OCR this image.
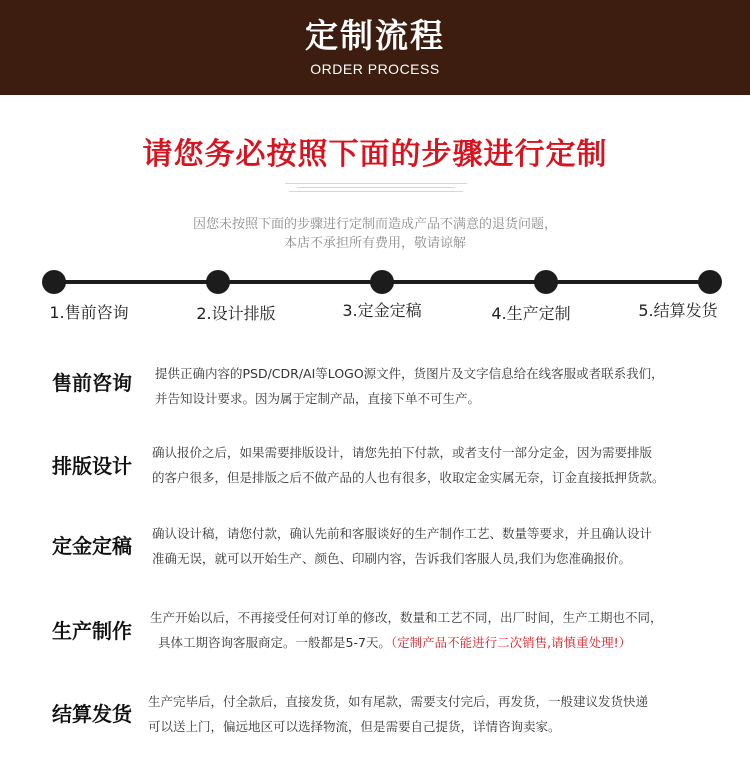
定制流程
ORDER PROCESS
请您务必按照下面的步骤进行定制

因您未按照下面的步骤进行定制而造成产品不满意的退货问题，

本店不承担所有费用，敬请谅解

1.售前咨询	2.设计排版	3.定金定稿	4.生产定制	5.结算发货
售前咨询	提供正确内容的PSD/CDR/AI等LOGO源文件，货图片及文字信息给在线客服或者联系我们，

并告知设计要求。因为属于定制产品，直接下单不可生产。

排版设计

确认报价之后，如果需要排版设计，请您先拍下付款，或者支付一部分定金，因为需要排版

的客户很多，但是排版之后不做产品的人也有很多，收取定金实属无奈，订金直接抵押货款。

定金定稿

确认设计稿，请您付款，确认先前和客服谈好的生产制作工艺、数量等要求，并且确认设计

准确无误，就可以开始生产、颜色、印刷内容，告诉我们客服人员,我们为您准确报价。

生产制作

生产开始以后，不再接受任何对订单的修改，数量和工艺不同，出厂时间，生产工期也不同，

具体工期咨询客服商定。一般都是5-7天。（定制产品不能进行二次销售,请慎重处理!）

结算发货

生产完毕后，付全款后，直接发货，如有尾款，需要支付完后，再发货，一般建议发货快递

可以送上门，偏远地区可以选择物流，但是需要自己提货，详情咨询卖家。
